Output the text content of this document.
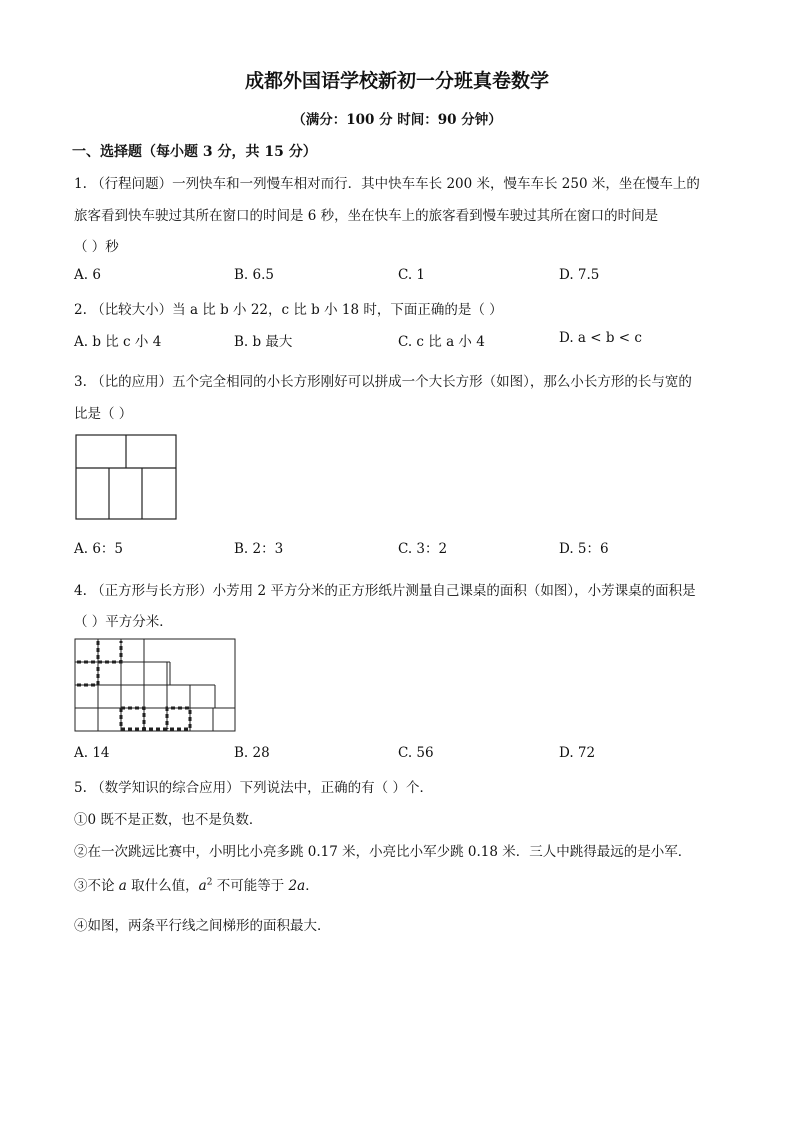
成都外国语学校新初一分班真卷数学
（满分：100 分 时间：90 分钟）
一、选择题（每小题 3 分，共 15 分）
1. （行程问题）一列快车和一列慢车相对而行．其中快车车长 200 米，慢车车长 250 米，坐在慢车上的
旅客看到快车驶过其所在窗口的时间是 6 秒，坐在快车上的旅客看到慢车驶过其所在窗口的时间是
（ ）秒
A. 6	B. 6.5	C. 1	D. 7.5
2. （比较大小）当 a 比 b 小 22，c 比 b 小 18 时，下面正确的是（ ）
A. b 比 c 小 4	B. b 最大	C. c 比 a 小 4	D. a < b < c
3. （比的应用）五个完全相同的小长方形刚好可以拼成一个大长方形（如图），那么小长方形的长与宽的
比是（ ）
A. 6：5	B. 2：3	C. 3：2	D. 5：6
4. （正方形与长方形）小芳用 2 平方分米的正方形纸片测量自己课桌的面积（如图），小芳课桌的面积是
（ ）平方分米．
A. 14	B. 28	C. 56	D. 72
5. （数学知识的综合应用）下列说法中，正确的有（ ）个．
①0 既不是正数，也不是负数．
②在一次跳远比赛中，小明比小亮多跳 0.17 米，小亮比小军少跳 0.18 米．三人中跳得最远的是小军．
③不论 a 取什么值，$a^2$ 不可能等于 2a．
④如图，两条平行线之间梯形的面积最大．
